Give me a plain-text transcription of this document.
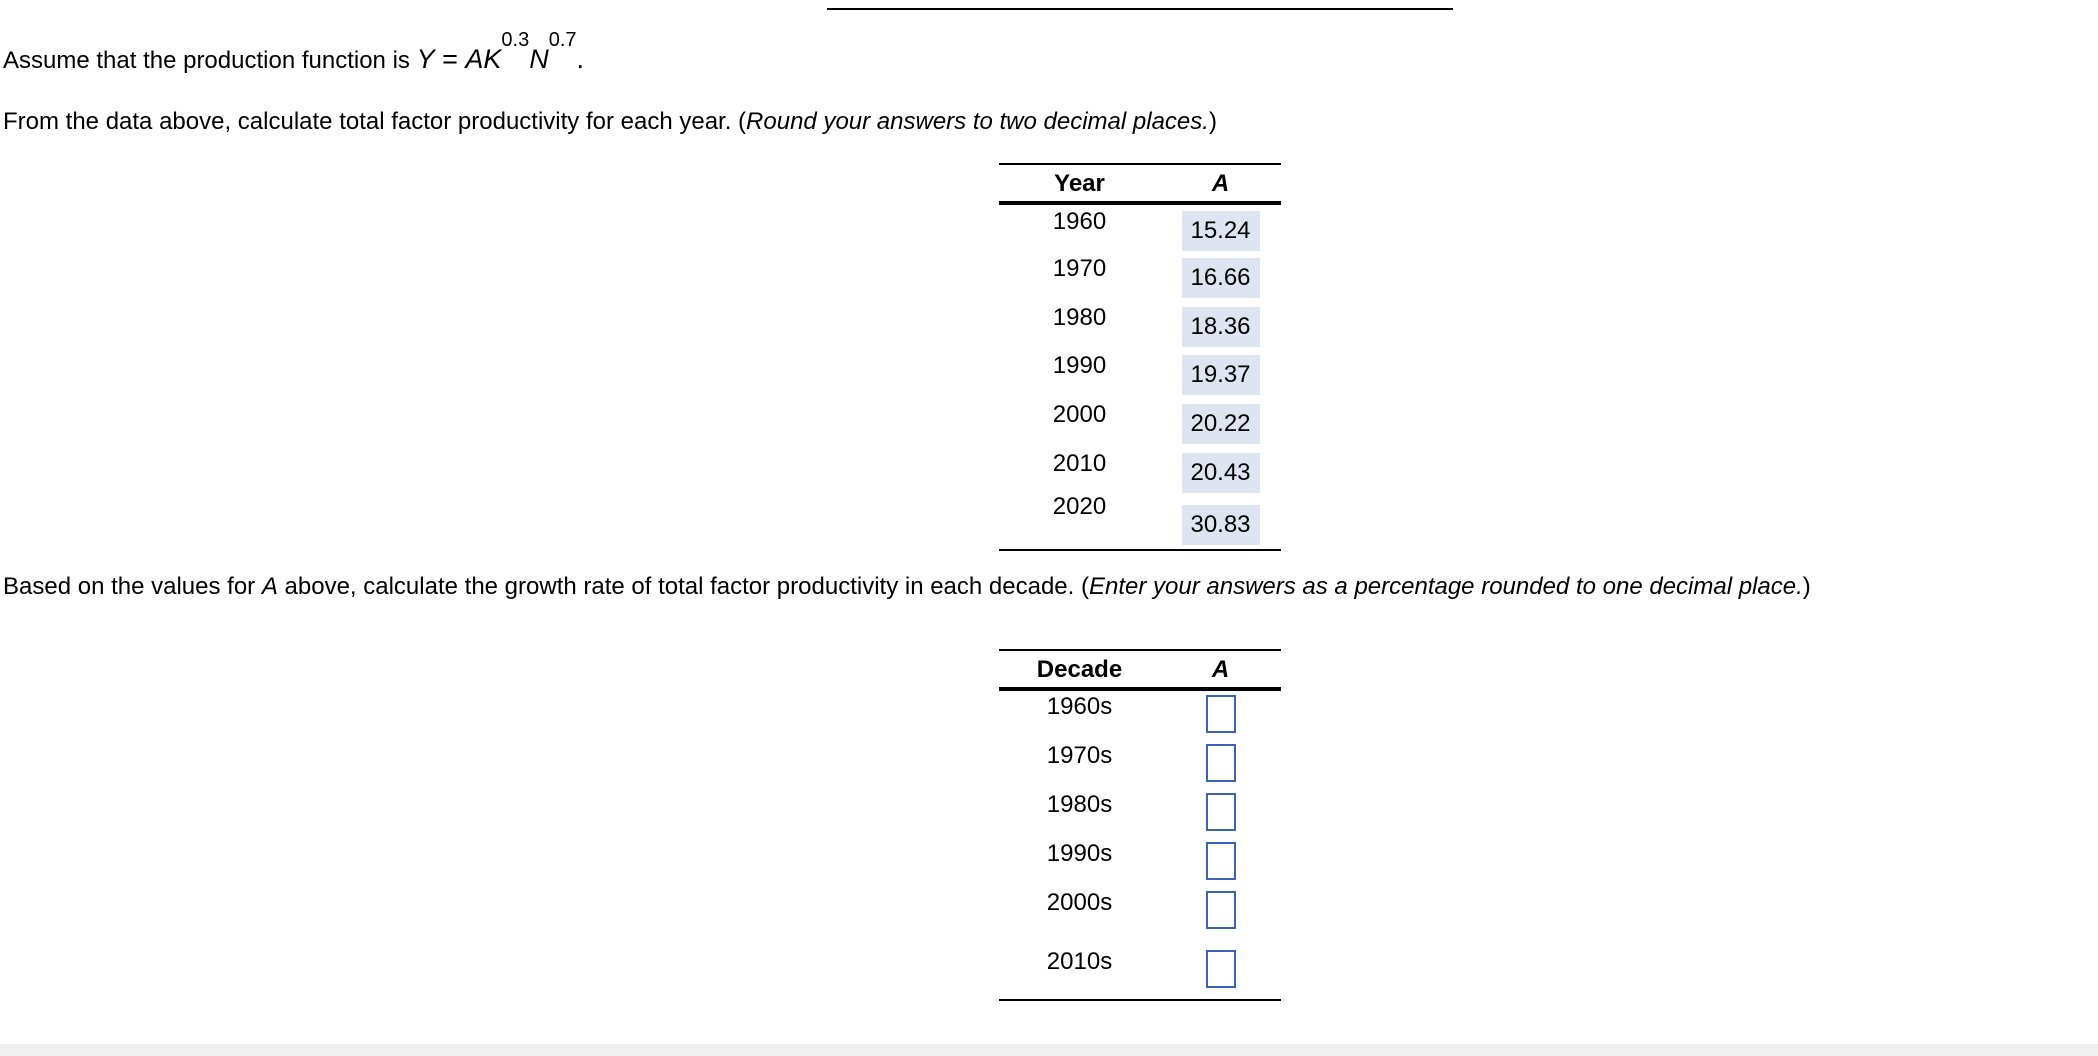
Assume that the production function is $Y = AK^{0.3}N^{0.7}$.
From the data above, calculate total factor productivity for each year. (Round your answers to two decimal places.)
Year	A
1960	15.24
1970	16.66
1980	18.36
1990	19.37
2000	20.22
2010	20.43
2020	30.83
Based on the values for A above, calculate the growth rate of total factor productivity in each decade. (Enter your answers as a percentage rounded to one decimal place.)
Decade	A
1960s	
1970s	
1980s	
1990s	
2000s	
2010s	
